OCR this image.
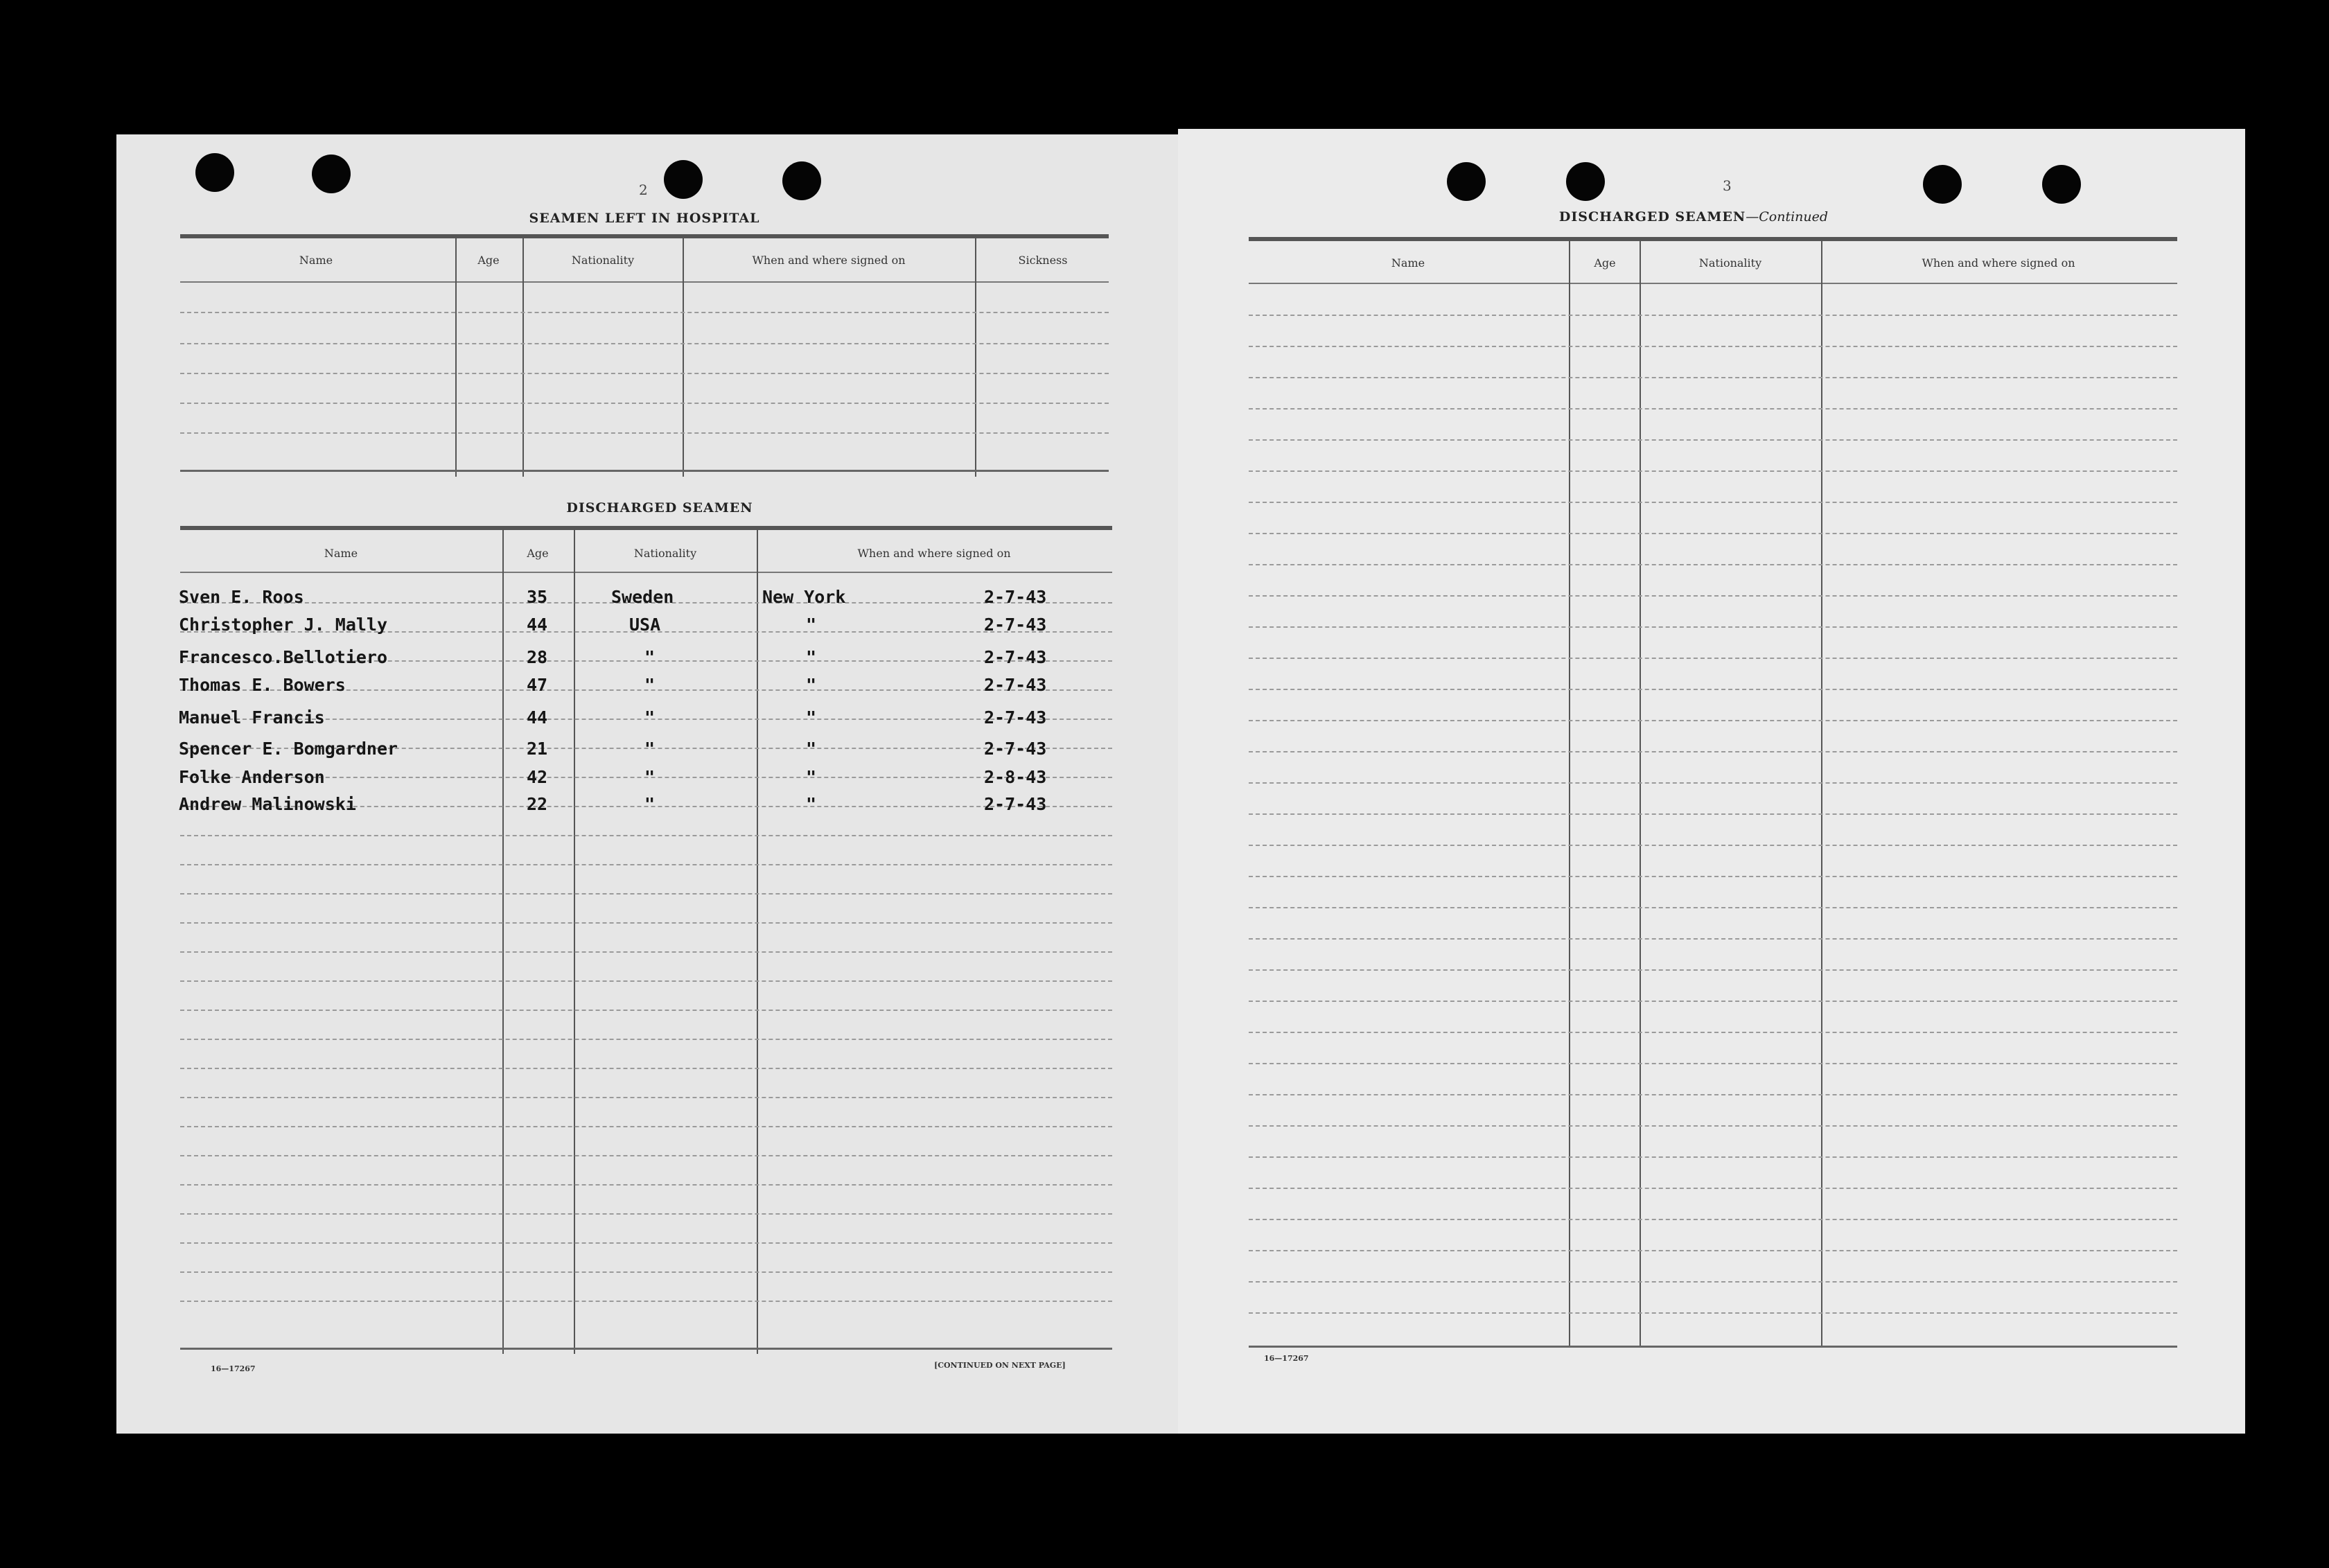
2
SEAMEN LEFT IN HOSPITAL
Name	Age	Nationality	When and where signed on	Sickness
DISCHARGED SEAMEN
Name	Age	Nationality	When and where signed on
Sven E. Roos	35	Sweden	New York	2-7-43
Christopher J. Mally	44	USA	"	2-7-43
Francesco.Bellotiero	28	"	"	2-7-43
Thomas E. Bowers	47	"	"	2-7-43
Manuel Francis	44	"	"	2-7-43
Spencer E. Bomgardner	21	"	"	2-7-43
Folke Anderson	42	"	"	2-8-43
Andrew Malinowski	22	"	"	2-7-43
16—17267	[CONTINUED ON NEXT PAGE]
3
DISCHARGED SEAMEN—Continued
Name	Age	Nationality	When and where signed on
16—17267
